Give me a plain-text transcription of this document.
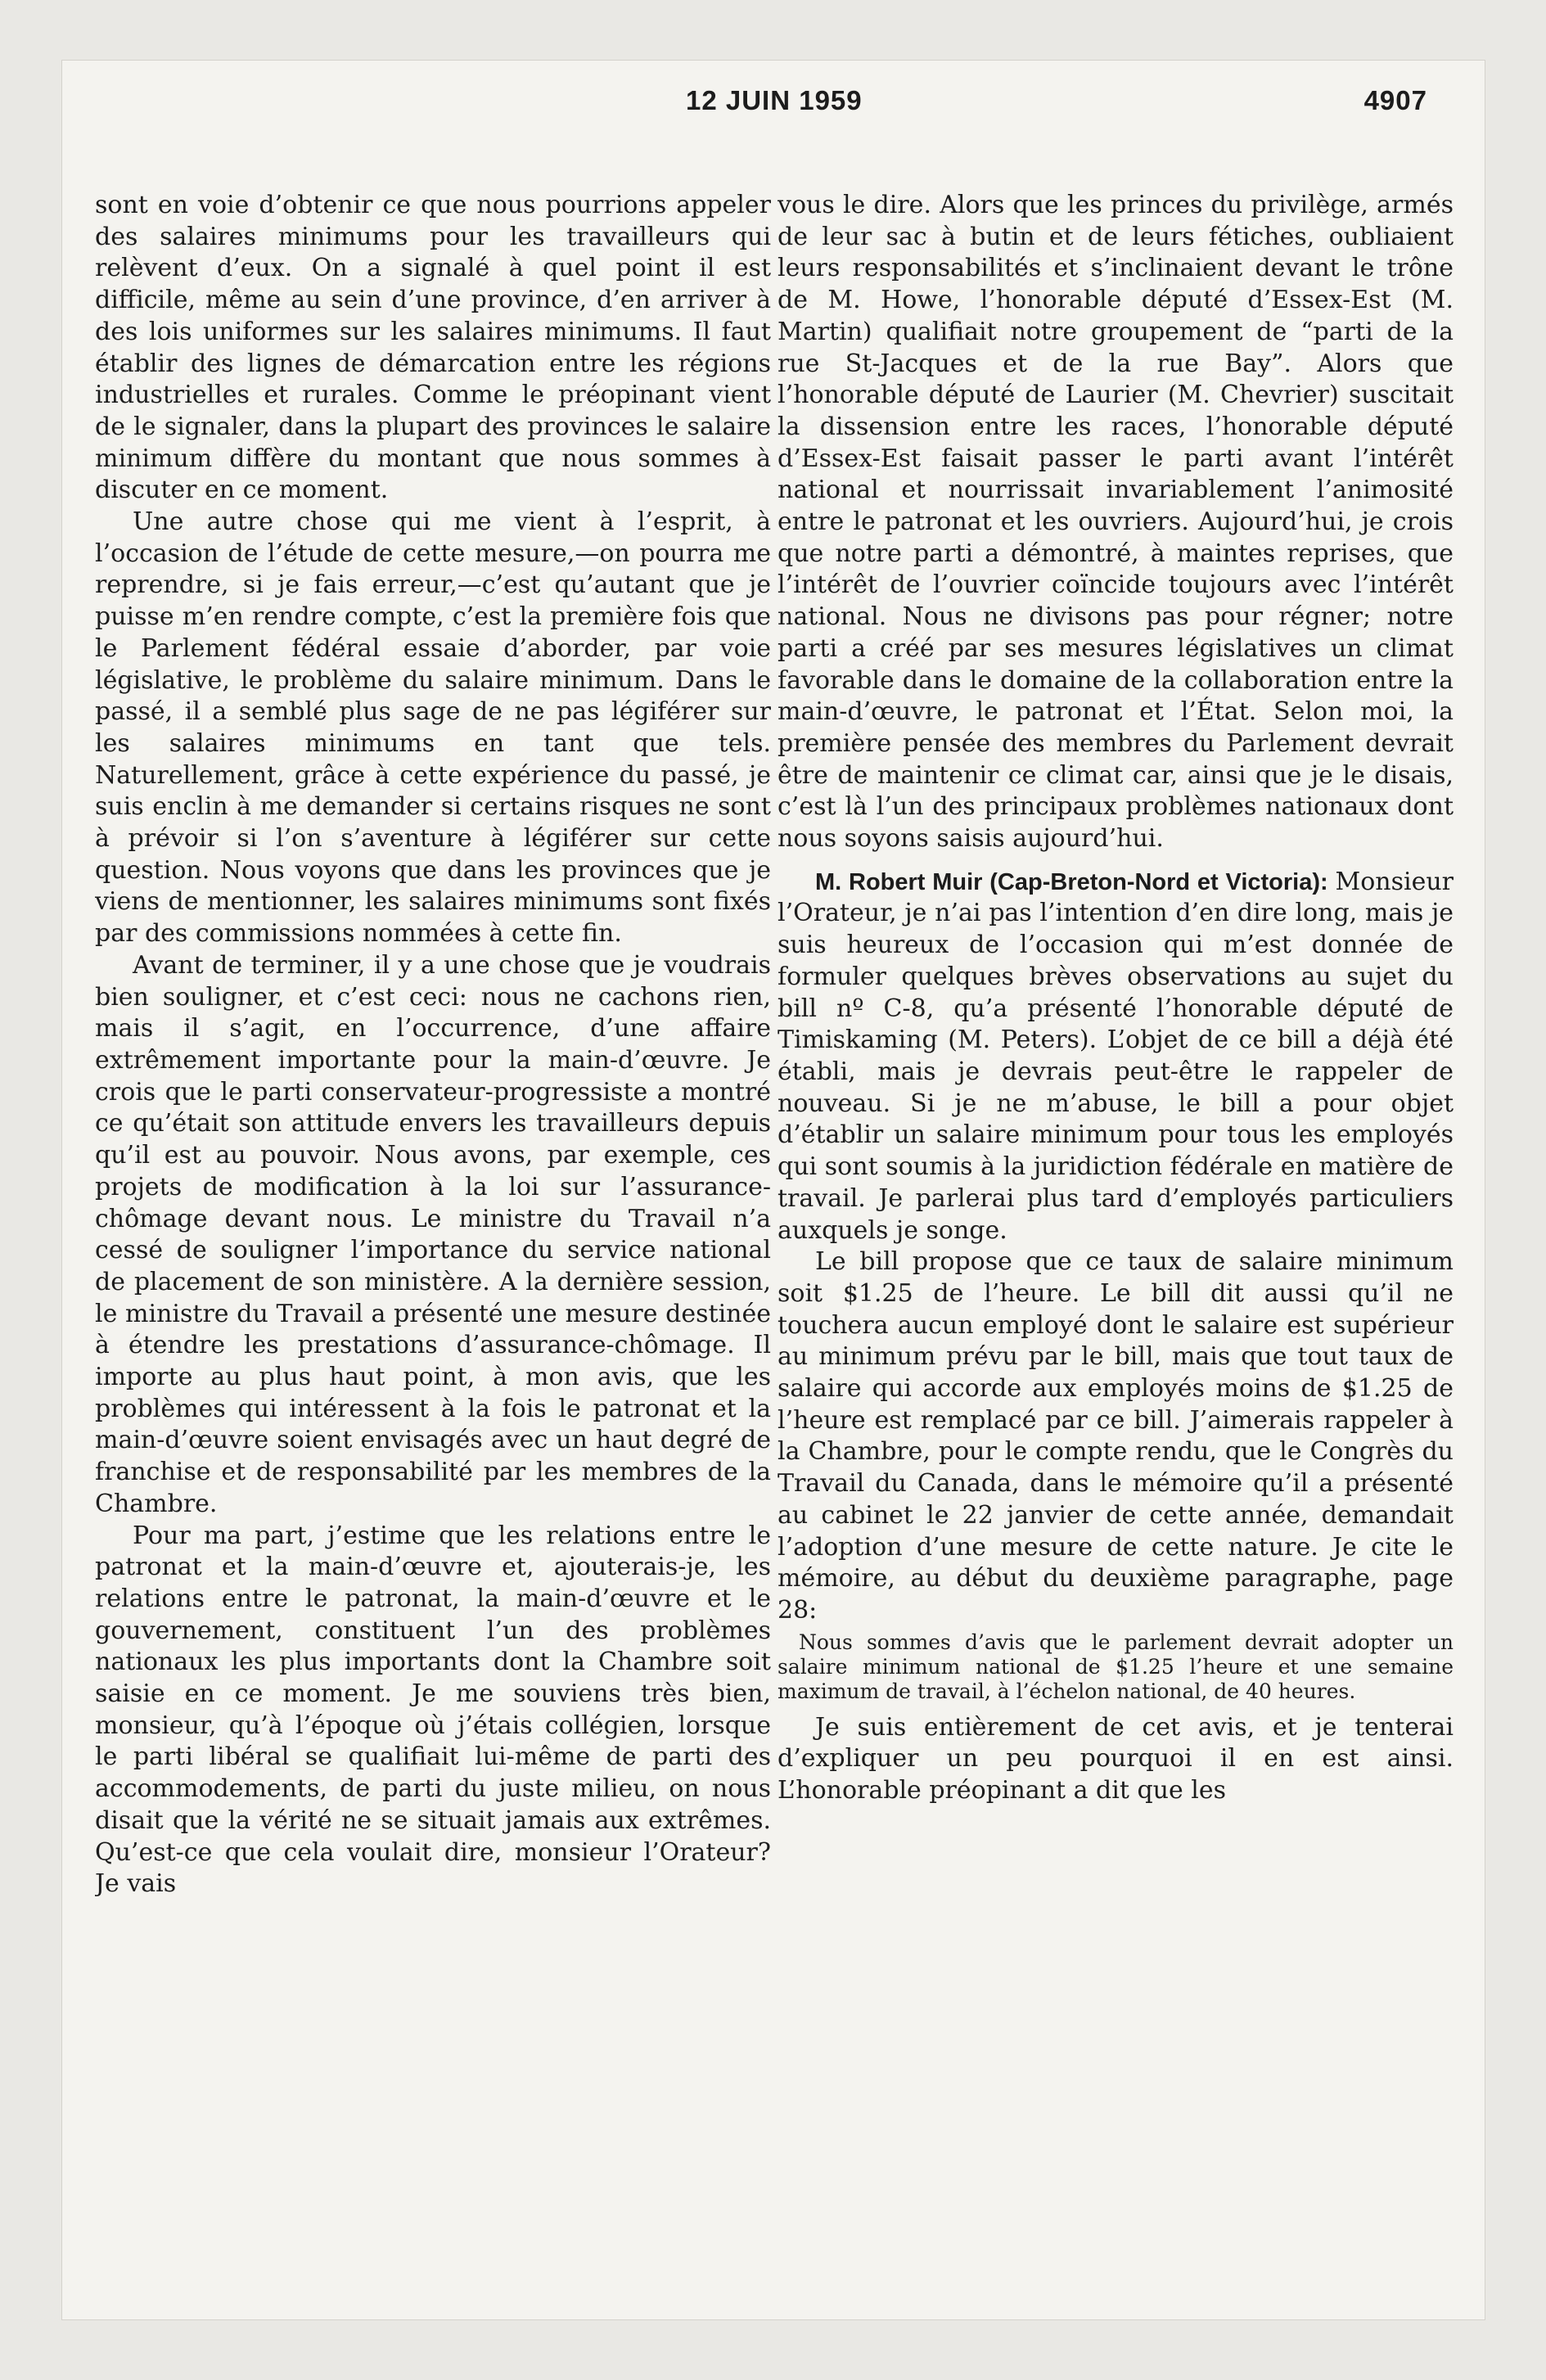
12 JUIN 1959	4907

sont en voie d’obtenir ce que nous pourrions appeler des salaires minimums pour les travailleurs qui relèvent d’eux. On a signalé à quel point il est difficile, même au sein d’une province, d’en arriver à des lois uniformes sur les salaires minimums. Il faut établir des lignes de démarcation entre les régions industrielles et rurales. Comme le préopinant vient de le signaler, dans la plupart des provinces le salaire minimum diffère du montant que nous sommes à discuter en ce moment.

Une autre chose qui me vient à l’esprit, à l’occasion de l’étude de cette mesure,—on pourra me reprendre, si je fais erreur,—c’est qu’autant que je puisse m’en rendre compte, c’est la première fois que le Parlement fédéral essaie d’aborder, par voie législative, le problème du salaire minimum. Dans le passé, il a semblé plus sage de ne pas légiférer sur les salaires minimums en tant que tels. Naturellement, grâce à cette expérience du passé, je suis enclin à me demander si certains risques ne sont à prévoir si l’on s’aventure à légiférer sur cette question. Nous voyons que dans les provinces que je viens de mentionner, les salaires minimums sont fixés par des commissions nommées à cette fin.

Avant de terminer, il y a une chose que je voudrais bien souligner, et c’est ceci: nous ne cachons rien, mais il s’agit, en l’occurrence, d’une affaire extrêmement importante pour la main-d’œuvre. Je crois que le parti conservateur-progressiste a montré ce qu’était son attitude envers les travailleurs depuis qu’il est au pouvoir. Nous avons, par exemple, ces projets de modification à la loi sur l’assurance-chômage devant nous. Le ministre du Travail n’a cessé de souligner l’importance du service national de placement de son ministère. A la dernière session, le ministre du Travail a présenté une mesure destinée à étendre les prestations d’assurance-chômage. Il importe au plus haut point, à mon avis, que les problèmes qui intéressent à la fois le patronat et la main-d’œuvre soient envisagés avec un haut degré de franchise et de responsabilité par les membres de la Chambre.

Pour ma part, j’estime que les relations entre le patronat et la main-d’œuvre et, ajouterais-je, les relations entre le patronat, la main-d’œuvre et le gouvernement, constituent l’un des problèmes nationaux les plus importants dont la Chambre soit saisie en ce moment. Je me souviens très bien, monsieur, qu’à l’époque où j’étais collégien, lorsque le parti libéral se qualifiait lui-même de parti des accommodements, de parti du juste milieu, on nous disait que la vérité ne se situait jamais aux extrêmes. Qu’est-ce que cela voulait dire, monsieur l’Orateur? Je vais

vous le dire. Alors que les princes du privilège, armés de leur sac à butin et de leurs fétiches, oubliaient leurs responsabilités et s’inclinaient devant le trône de M. Howe, l’honorable député d’Essex-Est (M. Martin) qualifiait notre groupement de “parti de la rue St-Jacques et de la rue Bay”. Alors que l’honorable député de Laurier (M. Chevrier) suscitait la dissension entre les races, l’honorable député d’Essex-Est faisait passer le parti avant l’intérêt national et nourrissait invariablement l’animosité entre le patronat et les ouvriers. Aujourd’hui, je crois que notre parti a démontré, à maintes reprises, que l’intérêt de l’ouvrier coïncide toujours avec l’intérêt national. Nous ne divisons pas pour régner; notre parti a créé par ses mesures législatives un climat favorable dans le domaine de la collaboration entre la main-d’œuvre, le patronat et l’État. Selon moi, la première pensée des membres du Parlement devrait être de maintenir ce climat car, ainsi que je le disais, c’est là l’un des principaux problèmes nationaux dont nous soyons saisis aujourd’hui.

M. Robert Muir (Cap-Breton-Nord et Victoria): Monsieur l’Orateur, je n’ai pas l’intention d’en dire long, mais je suis heureux de l’occasion qui m’est donnée de formuler quelques brèves observations au sujet du bill nº C-8, qu’a présenté l’honorable député de Timiskaming (M. Peters). L’objet de ce bill a déjà été établi, mais je devrais peut-être le rappeler de nouveau. Si je ne m’abuse, le bill a pour objet d’établir un salaire minimum pour tous les employés qui sont soumis à la juridiction fédérale en matière de travail. Je parlerai plus tard d’employés particuliers auxquels je songe.

Le bill propose que ce taux de salaire minimum soit $1.25 de l’heure. Le bill dit aussi qu’il ne touchera aucun employé dont le salaire est supérieur au minimum prévu par le bill, mais que tout taux de salaire qui accorde aux employés moins de $1.25 de l’heure est remplacé par ce bill. J’aimerais rappeler à la Chambre, pour le compte rendu, que le Congrès du Travail du Canada, dans le mémoire qu’il a présenté au cabinet le 22 janvier de cette année, demandait l’adoption d’une mesure de cette nature. Je cite le mémoire, au début du deuxième paragraphe, page 28:

Nous sommes d’avis que le parlement devrait adopter un salaire minimum national de $1.25 l’heure et une semaine maximum de travail, à l’échelon national, de 40 heures.

Je suis entièrement de cet avis, et je tenterai d’expliquer un peu pourquoi il en est ainsi. L’honorable préopinant a dit que les
